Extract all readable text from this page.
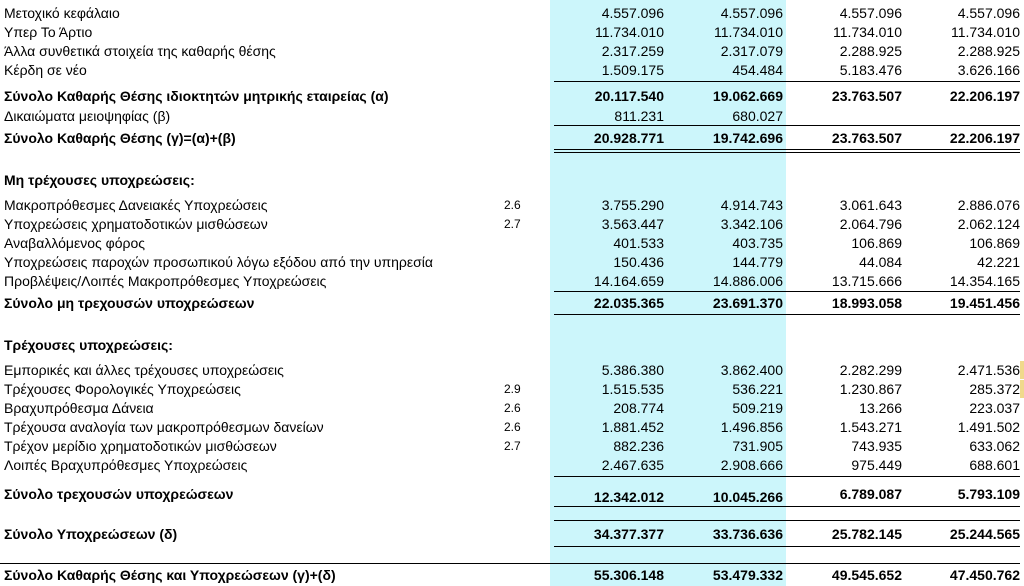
Μετοχικό κεφάλαιο	4.557.096	4.557.096	4.557.096	4.557.096
Υπερ Το Άρτιο	11.734.010	11.734.010	11.734.010	11.734.010
Άλλα συνθετικά στοιχεία της καθαρής θέσης	2.317.259	2.317.079	2.288.925	2.288.925
Κέρδη σε νέο	1.509.175	454.484	5.183.476	3.626.166
Σύνολο Καθαρής Θέσης ιδιοκτητών μητρικής εταιρείας (α)	20.117.540	19.062.669	23.763.507	22.206.197
Δικαιώματα μειοψηφίας (β)	811.231	680.027
Σύνολο Καθαρής Θέσης (γ)=(α)+(β)	20.928.771	19.742.696	23.763.507	22.206.197
Μη τρέχουσες υποχρεώσεις:
Μακροπρόθεσμες Δανειακές Υποχρεώσεις	2.6	3.755.290	4.914.743	3.061.643	2.886.076
Υποχρεώσεις χρηματοδοτικών μισθώσεων	2.7	3.563.447	3.342.106	2.064.796	2.062.124
Αναβαλλόμενος φόρος	401.533	403.735	106.869	106.869
Υποχρεώσεις παροχών προσωπικού λόγω εξόδου από την υπηρεσία	150.436	144.779	44.084	42.221
Προβλέψεις/Λοιπές Μακροπρόθεσμες Υποχρεώσεις	14.164.659	14.886.006	13.715.666	14.354.165
Σύνολο μη τρεχουσών υποχρεώσεων	22.035.365	23.691.370	18.993.058	19.451.456
Τρέχουσες υποχρεώσεις:
Εμπορικές και άλλες τρέχουσες υποχρεώσεις	5.386.380	3.862.400	2.282.299	2.471.536
Τρέχουσες Φορολογικές Υποχρεώσεις	2.9	1.515.535	536.221	1.230.867	285.372
Βραχυπρόθεσμα Δάνεια	2.6	208.774	509.219	13.266	223.037
Τρέχουσα αναλογία των μακροπρόθεσμων δανείων	2.6	1.881.452	1.496.856	1.543.271	1.491.502
Τρέχον μερίδιο χρηματοδοτικών μισθώσεων	2.7	882.236	731.905	743.935	633.062
Λοιπές Βραχυπρόθεσμες Υποχρεώσεις	2.467.635	2.908.666	975.449	688.601
Σύνολο τρεχουσών υποχρεώσεων	12.342.012	10.045.266	6.789.087	5.793.109
Σύνολο Υποχρεώσεων (δ)	34.377.377	33.736.636	25.782.145	25.244.565
Σύνολο Καθαρής Θέσης και Υποχρεώσεων (γ)+(δ)	55.306.148	53.479.332	49.545.652	47.450.762
